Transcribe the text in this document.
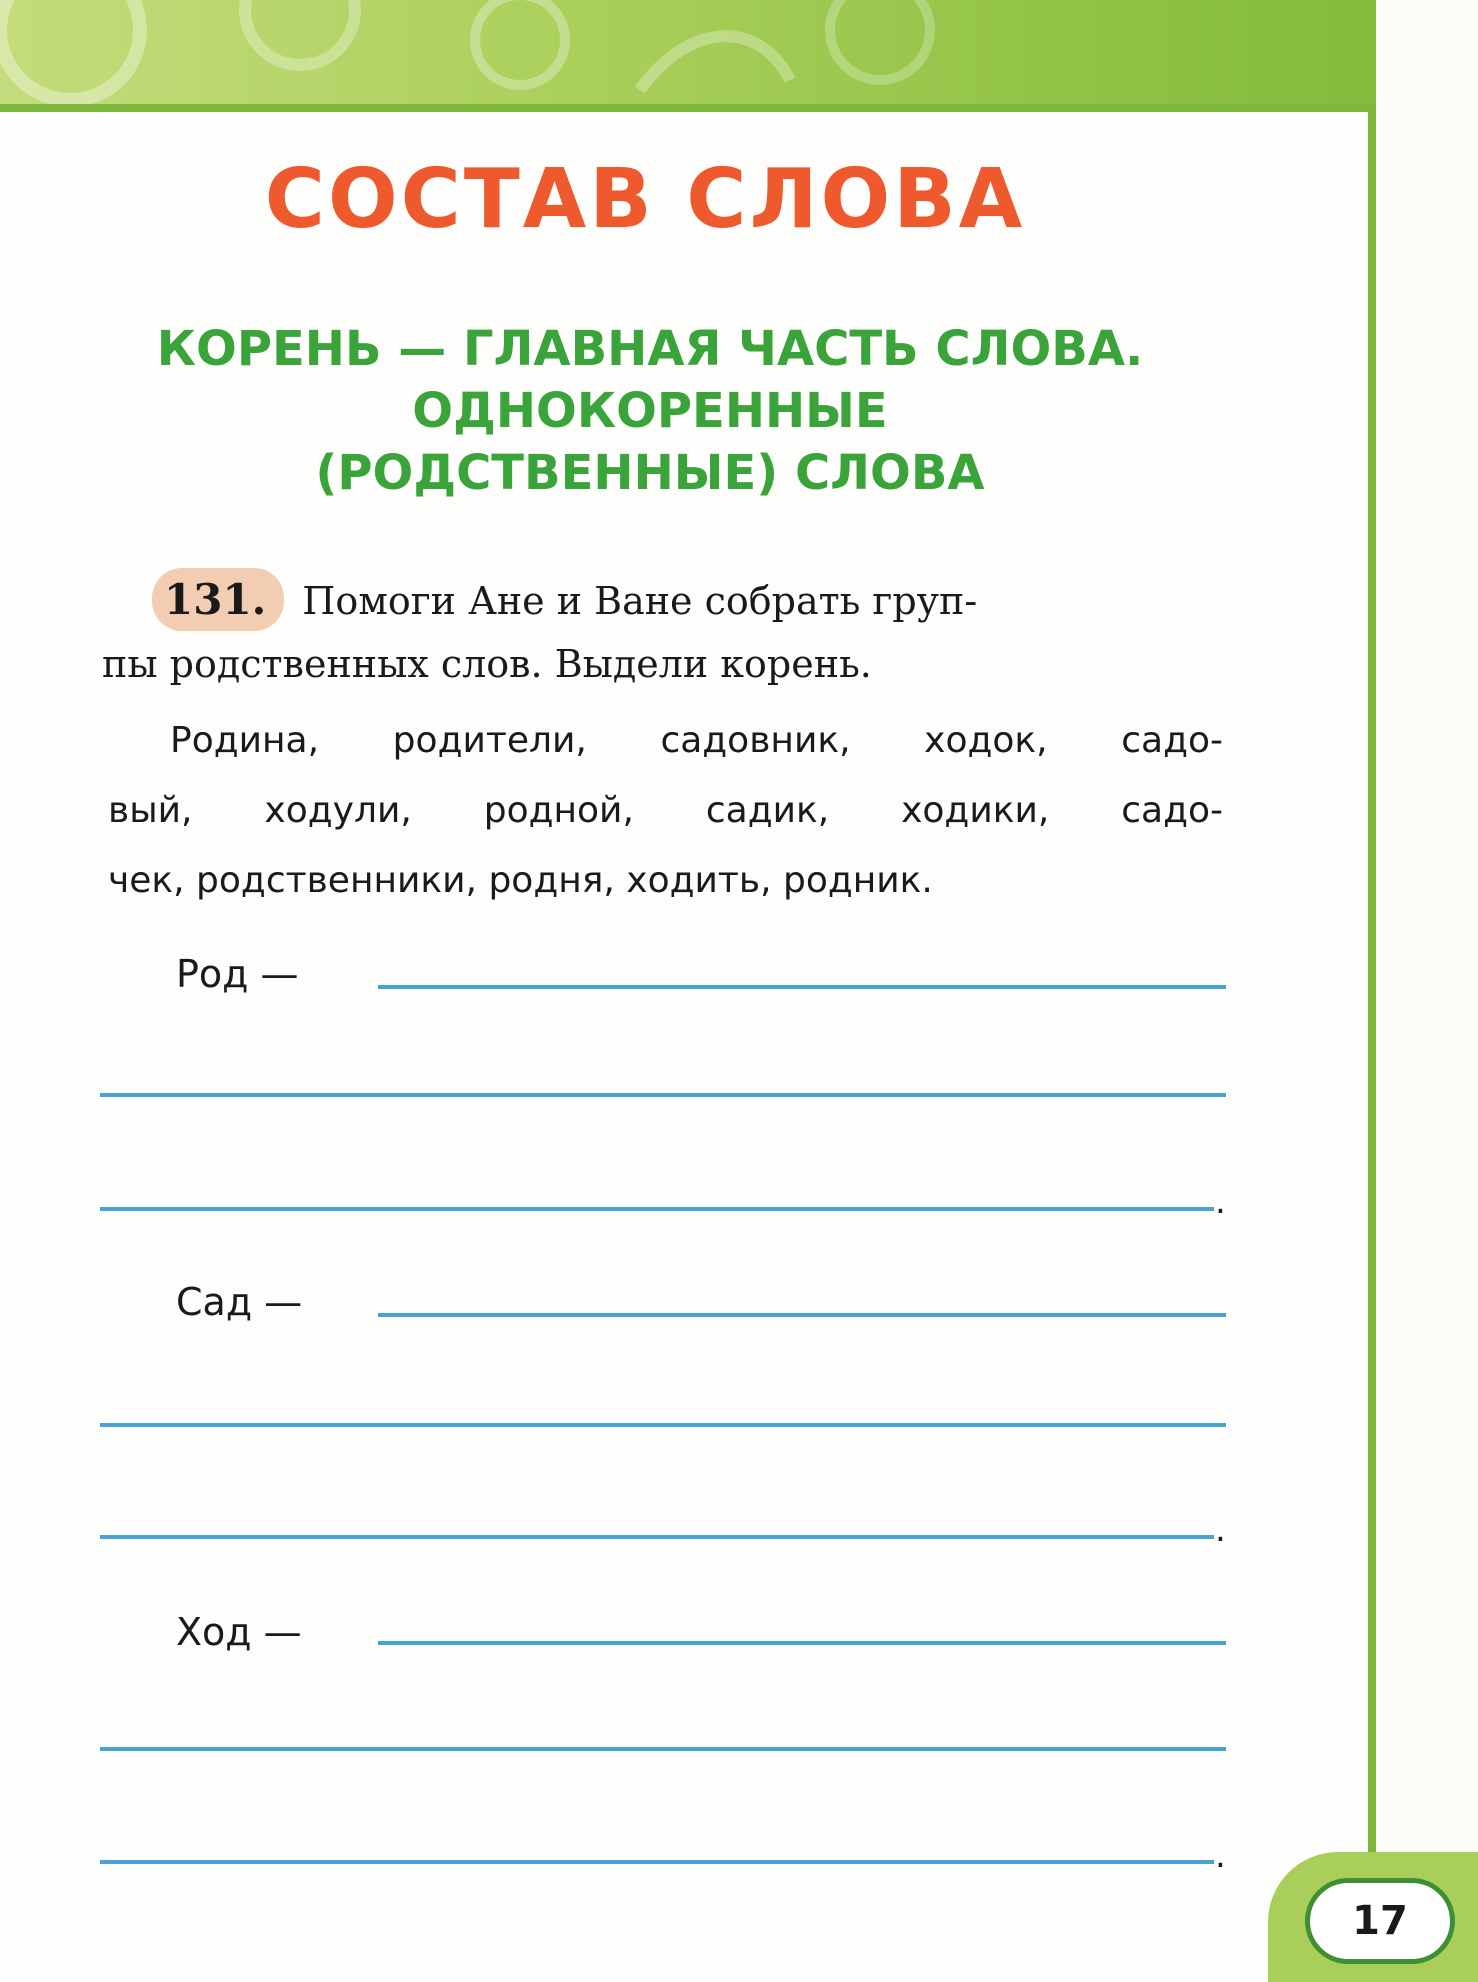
СОСТАВ СЛОВА
КОРЕНЬ — ГЛАВНАЯ ЧАСТЬ СЛОВА.
ОДНОКОРЕННЫЕ
(РОДСТВЕННЫЕ) СЛОВА
131. Помоги Ане и Ване собрать груп-
пы родственных слов. Выдели корень.
Родина, родители, садовник, ходок, садо-
вый, ходули, родной, садик, ходики, садо-
чек, родственники, родня, ходить, родник.
Род —
.
Сад —
.
Ход —
.
17
